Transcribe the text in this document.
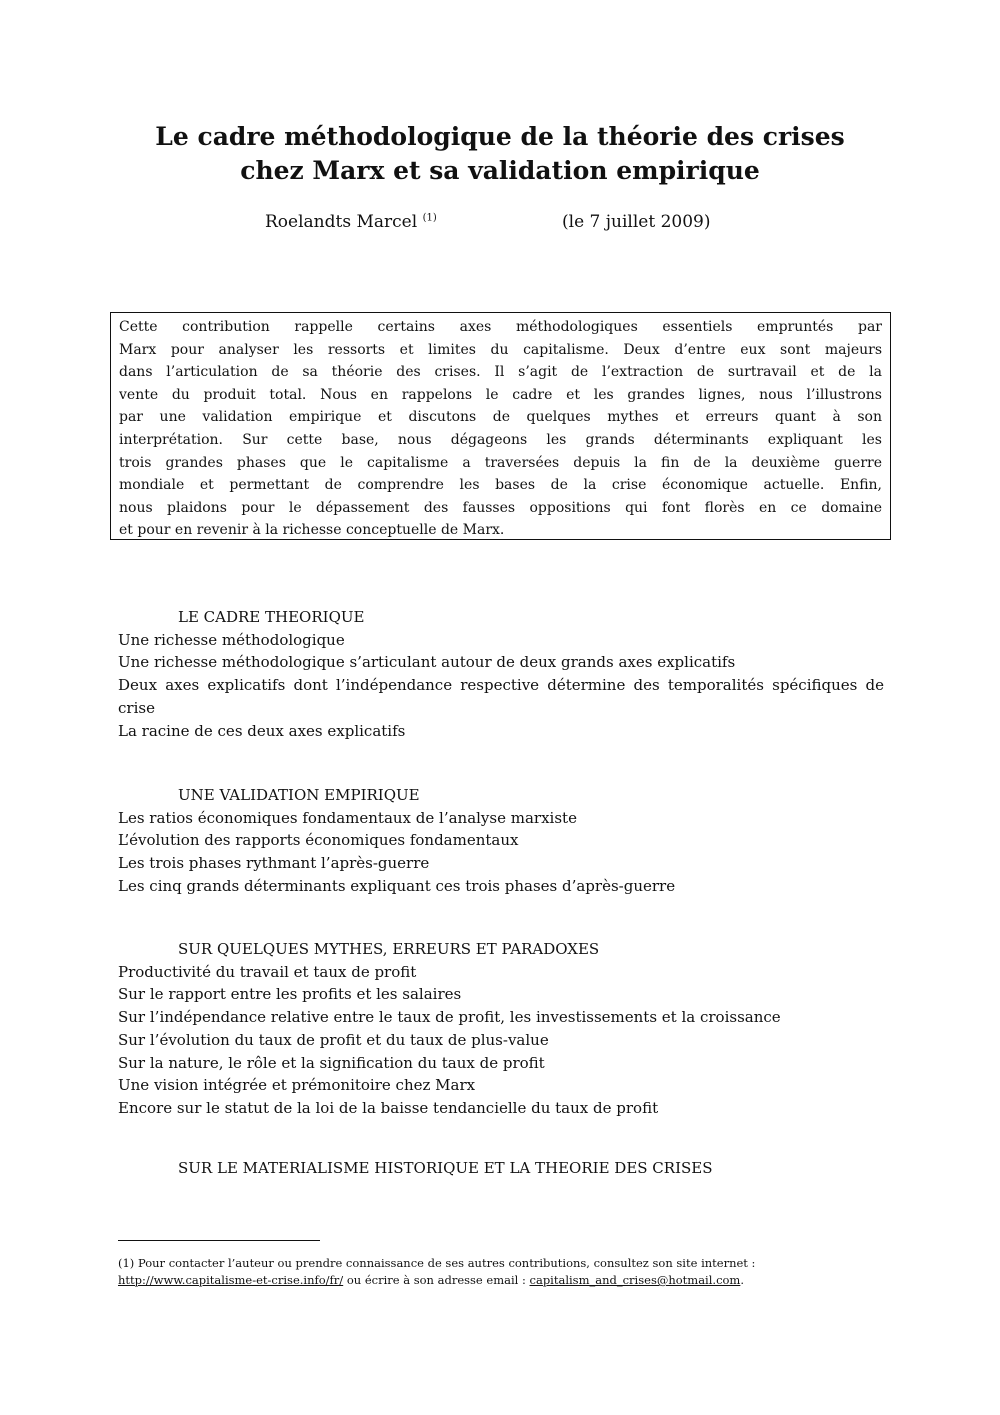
Le cadre méthodologique de la théorie des crises
chez Marx et sa validation empirique
Roelandts Marcel $^{(1)}$	(le 7 juillet 2009)
Cette contribution rappelle certains axes méthodologiques essentiels empruntés par
Marx pour analyser les ressorts et limites du capitalisme. Deux d’entre eux sont majeurs
dans l’articulation de sa théorie des crises. Il s’agit de l’extraction de surtravail et de la
vente du produit total. Nous en rappelons le cadre et les grandes lignes, nous l’illustrons
par une validation empirique et discutons de quelques mythes et erreurs quant à son
interprétation. Sur cette base, nous dégageons les grands déterminants expliquant les
trois grandes phases que le capitalisme a traversées depuis la fin de la deuxième guerre
mondiale et permettant de comprendre les bases de la crise économique actuelle. Enfin,
nous plaidons pour le dépassement des fausses oppositions qui font florès en ce domaine
et pour en revenir à la richesse conceptuelle de Marx.
LE CADRE THEORIQUE
Une richesse méthodologique
Une richesse méthodologique s’articulant autour de deux grands axes explicatifs
Deux axes explicatifs dont l’indépendance respective détermine des temporalités spécifiques de crise
La racine de ces deux axes explicatifs
UNE VALIDATION EMPIRIQUE
Les ratios économiques fondamentaux de l’analyse marxiste
L’évolution des rapports économiques fondamentaux
Les trois phases rythmant l’après-guerre
Les cinq grands déterminants expliquant ces trois phases d’après-guerre
SUR QUELQUES MYTHES, ERREURS ET PARADOXES
Productivité du travail et taux de profit
Sur le rapport entre les profits et les salaires
Sur l’indépendance relative entre le taux de profit, les investissements et la croissance
Sur l’évolution du taux de profit et du taux de plus-value
Sur la nature, le rôle et la signification du taux de profit
Une vision intégrée et prémonitoire chez Marx
Encore sur le statut de la loi de la baisse tendancielle du taux de profit
SUR LE MATERIALISME HISTORIQUE ET LA THEORIE DES CRISES
(1) Pour contacter l’auteur ou prendre connaissance de ses autres contributions, consultez son site internet :
http://www.capitalisme-et-crise.info/fr/ ou écrire à son adresse email : capitalism_and_crises@hotmail.com.
